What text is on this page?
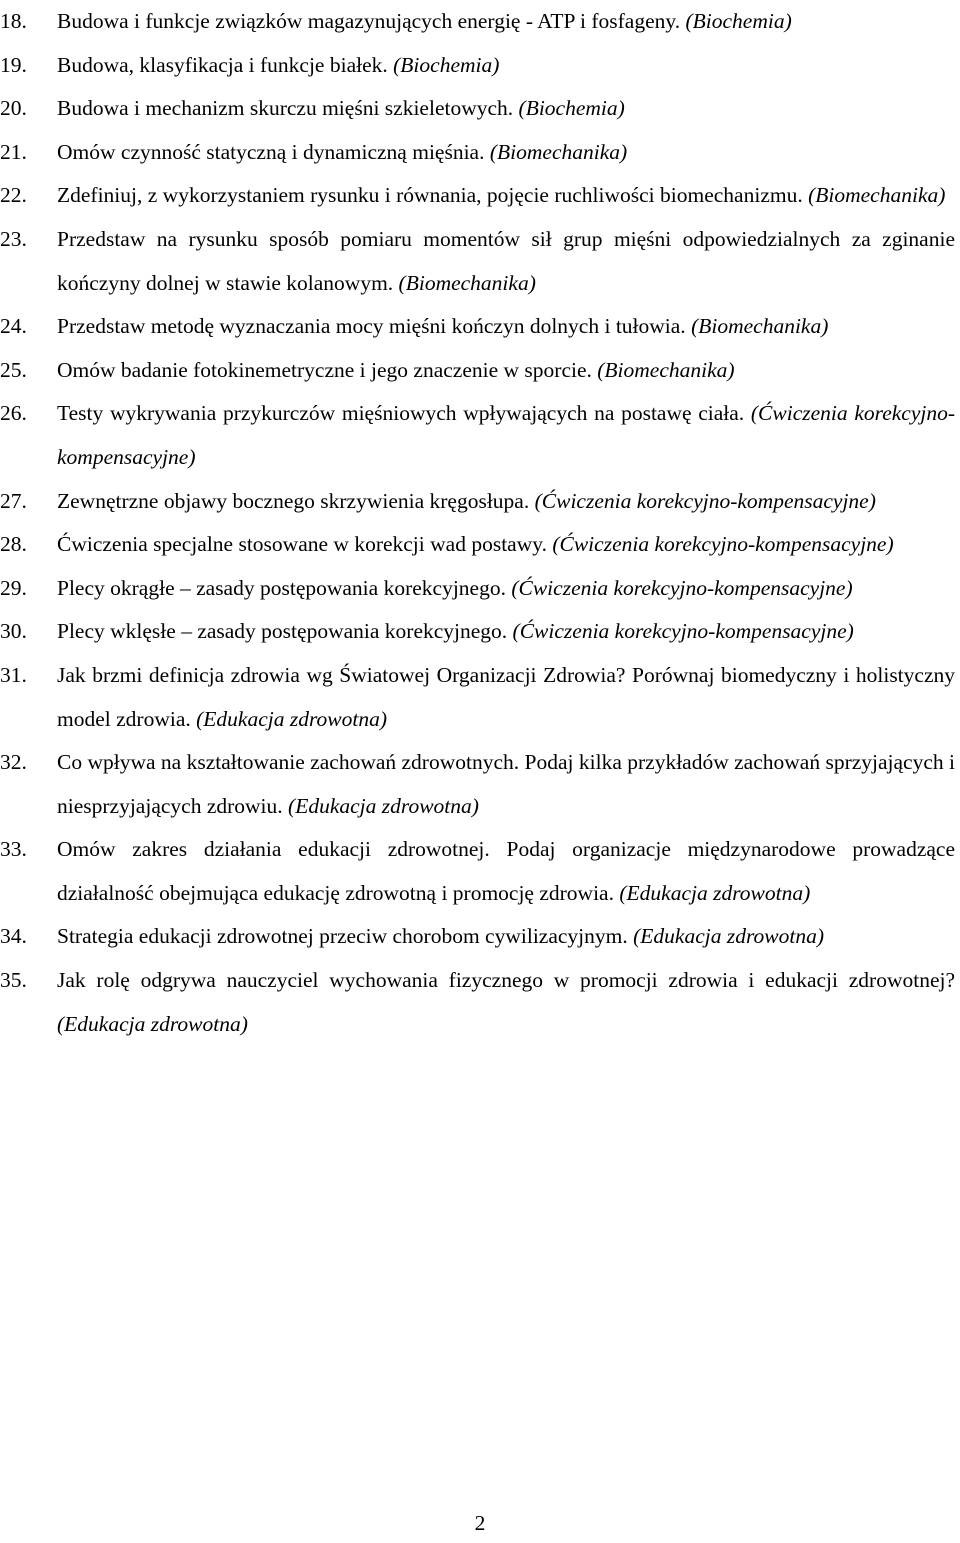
18.	Budowa i funkcje związków magazynujących energię - ATP i fosfageny. (Biochemia)
19.	Budowa, klasyfikacja i funkcje białek. (Biochemia)
20.	Budowa i mechanizm skurczu mięśni szkieletowych. (Biochemia)
21.	Omów czynność statyczną i dynamiczną mięśnia. (Biomechanika)
22.	Zdefiniuj, z wykorzystaniem rysunku i równania, pojęcie ruchliwości biomechanizmu. (Biomechanika)
23.	Przedstaw na rysunku sposób pomiaru momentów sił grup mięśni odpowiedzialnych za zginanie kończyny dolnej w stawie kolanowym. (Biomechanika)
24.	Przedstaw metodę wyznaczania mocy mięśni kończyn dolnych i tułowia. (Biomechanika)
25.	Omów badanie fotokinemetryczne i jego znaczenie w sporcie. (Biomechanika)
26.	Testy wykrywania przykurczów mięśniowych wpływających na postawę ciała. (Ćwiczenia korekcyjno-kompensacyjne)
27.	Zewnętrzne objawy bocznego skrzywienia kręgosłupa. (Ćwiczenia korekcyjno-kompensacyjne)
28.	Ćwiczenia specjalne stosowane w korekcji wad postawy. (Ćwiczenia korekcyjno-kompensacyjne)
29.	Plecy okrągłe – zasady postępowania korekcyjnego. (Ćwiczenia korekcyjno-kompensacyjne)
30.	Plecy wklęsłe – zasady postępowania korekcyjnego. (Ćwiczenia korekcyjno-kompensacyjne)
31.	Jak brzmi definicja zdrowia wg Światowej Organizacji Zdrowia? Porównaj biomedyczny i holistyczny model zdrowia. (Edukacja zdrowotna)
32.	Co wpływa na kształtowanie zachowań zdrowotnych. Podaj kilka przykładów zachowań sprzyjających i niesprzyjających zdrowiu. (Edukacja zdrowotna)
33.	Omów zakres działania edukacji zdrowotnej. Podaj organizacje międzynarodowe prowadzące działalność obejmująca edukację zdrowotną i promocję zdrowia. (Edukacja zdrowotna)
34.	Strategia edukacji zdrowotnej przeciw chorobom cywilizacyjnym. (Edukacja zdrowotna)
35.	Jak rolę odgrywa nauczyciel wychowania fizycznego w promocji zdrowia i edukacji zdrowotnej? (Edukacja zdrowotna)
2
